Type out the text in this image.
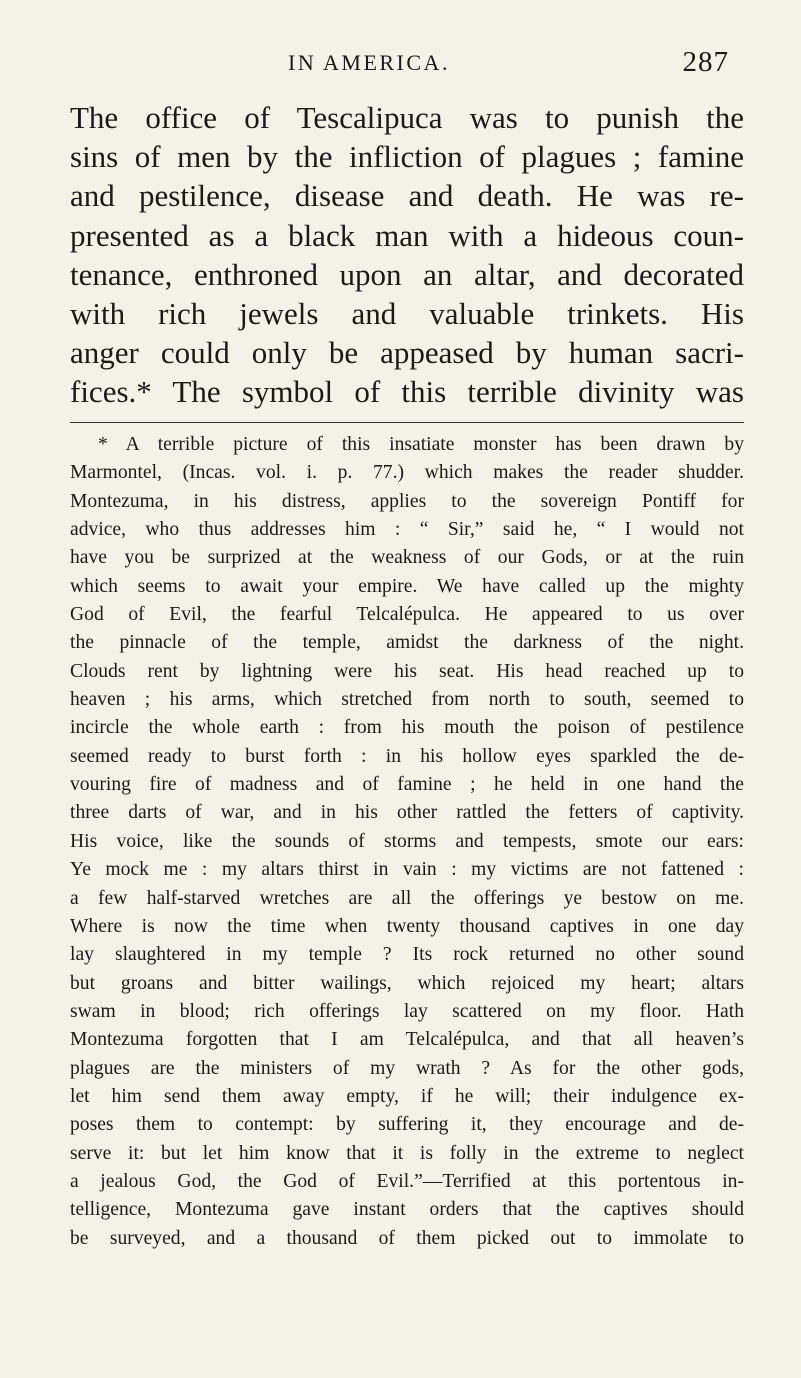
IN AMERICA.	287
The office of Tescalipuca was to punish the
sins of men by the infliction of plagues ; famine
and pestilence, disease and death. He was re-
presented as a black man with a hideous coun-
tenance, enthroned upon an altar, and decorated
with rich jewels and valuable trinkets. His
anger could only be appeased by human sacri-
fices.* The symbol of this terrible divinity was
* A terrible picture of this insatiate monster has been drawn by
Marmontel, (Incas. vol. i. p. 77.) which makes the reader shudder.
Montezuma, in his distress, applies to the sovereign Pontiff for
advice, who thus addresses him : “ Sir,” said he, “ I would not
have you be surprized at the weakness of our Gods, or at the ruin
which seems to await your empire. We have called up the mighty
God of Evil, the fearful Telcalépulca. He appeared to us over
the pinnacle of the temple, amidst the darkness of the night.
Clouds rent by lightning were his seat. His head reached up to
heaven ; his arms, which stretched from north to south, seemed to
incircle the whole earth : from his mouth the poison of pestilence
seemed ready to burst forth : in his hollow eyes sparkled the de-
vouring fire of madness and of famine ; he held in one hand the
three darts of war, and in his other rattled the fetters of captivity.
His voice, like the sounds of storms and tempests, smote our ears:
Ye mock me : my altars thirst in vain : my victims are not fattened :
a few half-starved wretches are all the offerings ye bestow on me.
Where is now the time when twenty thousand captives in one day
lay slaughtered in my temple ? Its rock returned no other sound
but groans and bitter wailings, which rejoiced my heart; altars
swam in blood; rich offerings lay scattered on my floor. Hath
Montezuma forgotten that I am Telcalépulca, and that all heaven’s
plagues are the ministers of my wrath ? As for the other gods,
let him send them away empty, if he will; their indulgence ex-
poses them to contempt: by suffering it, they encourage and de-
serve it: but let him know that it is folly in the extreme to neglect
a jealous God, the God of Evil.”—Terrified at this portentous in-
telligence, Montezuma gave instant orders that the captives should
be surveyed, and a thousand of them picked out to immolate to
